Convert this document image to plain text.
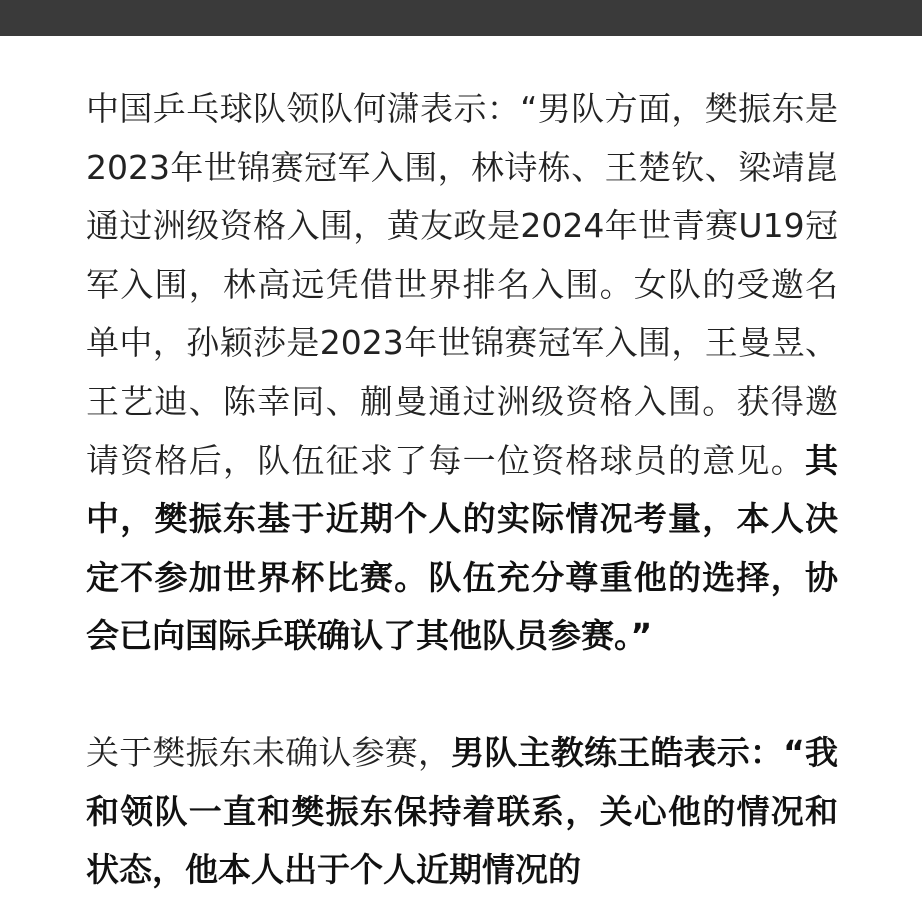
中国乒乓球队领队何潇表示：“男队方面，樊振东是2023年世锦赛冠军入围，林诗栋、王楚钦、梁靖崑通过洲级资格入围，黄友政是2024年世青赛U19冠军入围，林高远凭借世界排名入围。女队的受邀名单中，孙颖莎是2023年世锦赛冠军入围，王曼昱、王艺迪、陈幸同、蒯曼通过洲级资格入围。获得邀请资格后，队伍征求了每一位资格球员的意见。其中，樊振东基于近期个人的实际情况考量，本人决定不参加世界杯比赛。队伍充分尊重他的选择，协会已向国际乒联确认了其他队员参赛。”

关于樊振东未确认参赛，男队主教练王皓表示：“我和领队一直和樊振东保持着联系，关心他的情况和状态，他本人出于个人近期情况的
